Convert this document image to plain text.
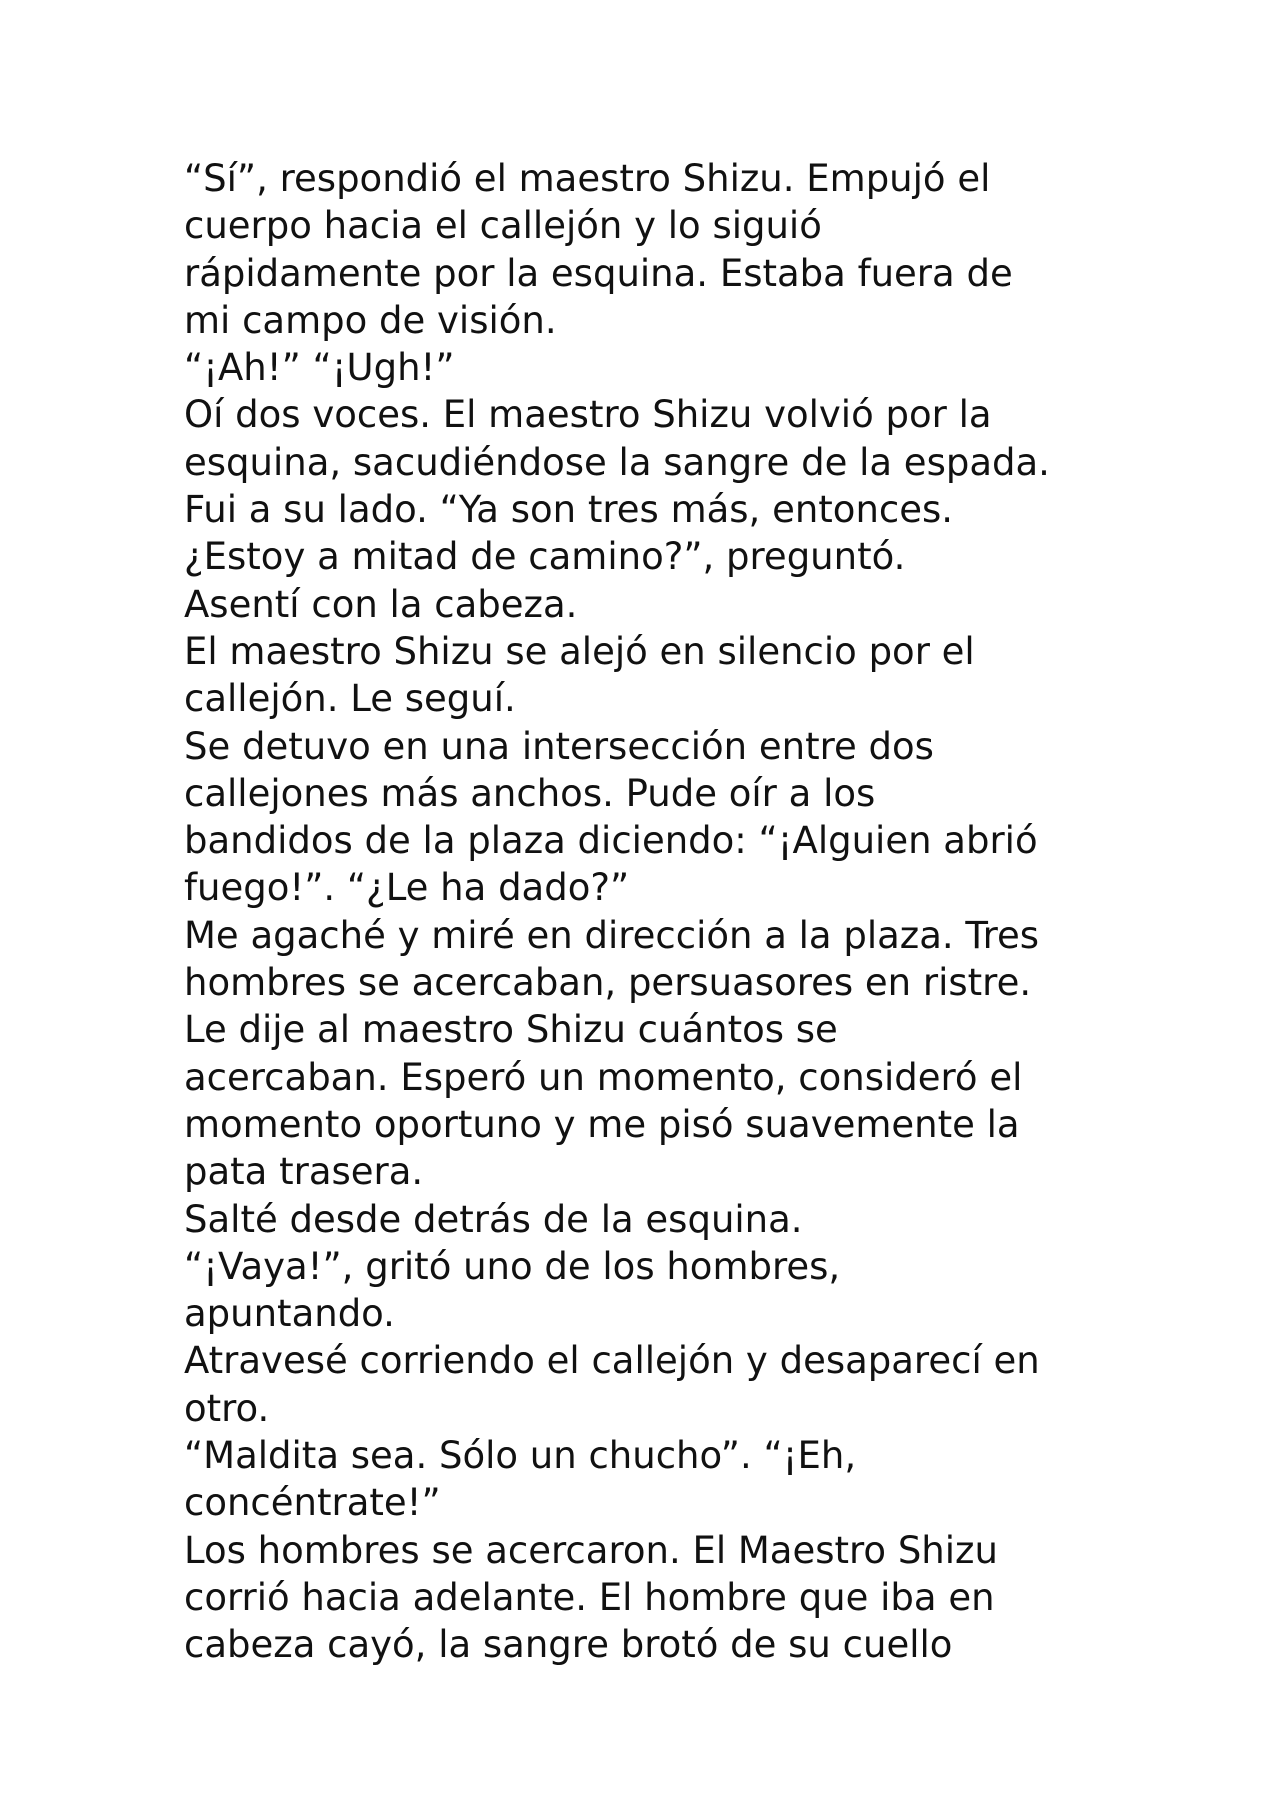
“Sí”, respondió el maestro Shizu. Empujó el
cuerpo hacia el callejón y lo siguió
rápidamente por la esquina. Estaba fuera de
mi campo de visión.
“¡Ah!” “¡Ugh!”
Oí dos voces. El maestro Shizu volvió por la
esquina, sacudiéndose la sangre de la espada.
Fui a su lado. “Ya son tres más, entonces.
¿Estoy a mitad de camino?”, preguntó.
Asentí con la cabeza.
El maestro Shizu se alejó en silencio por el
callejón. Le seguí.
Se detuvo en una intersección entre dos
callejones más anchos. Pude oír a los
bandidos de la plaza diciendo: “¡Alguien abrió
fuego!”. “¿Le ha dado?”
Me agaché y miré en dirección a la plaza. Tres
hombres se acercaban, persuasores en ristre.
Le dije al maestro Shizu cuántos se
acercaban. Esperó un momento, consideró el
momento oportuno y me pisó suavemente la
pata trasera.
Salté desde detrás de la esquina.
“¡Vaya!”, gritó uno de los hombres,
apuntando.
Atravesé corriendo el callejón y desaparecí en
otro.
“Maldita sea. Sólo un chucho”. “¡Eh,
concéntrate!”
Los hombres se acercaron. El Maestro Shizu
corrió hacia adelante. El hombre que iba en
cabeza cayó, la sangre brotó de su cuello
